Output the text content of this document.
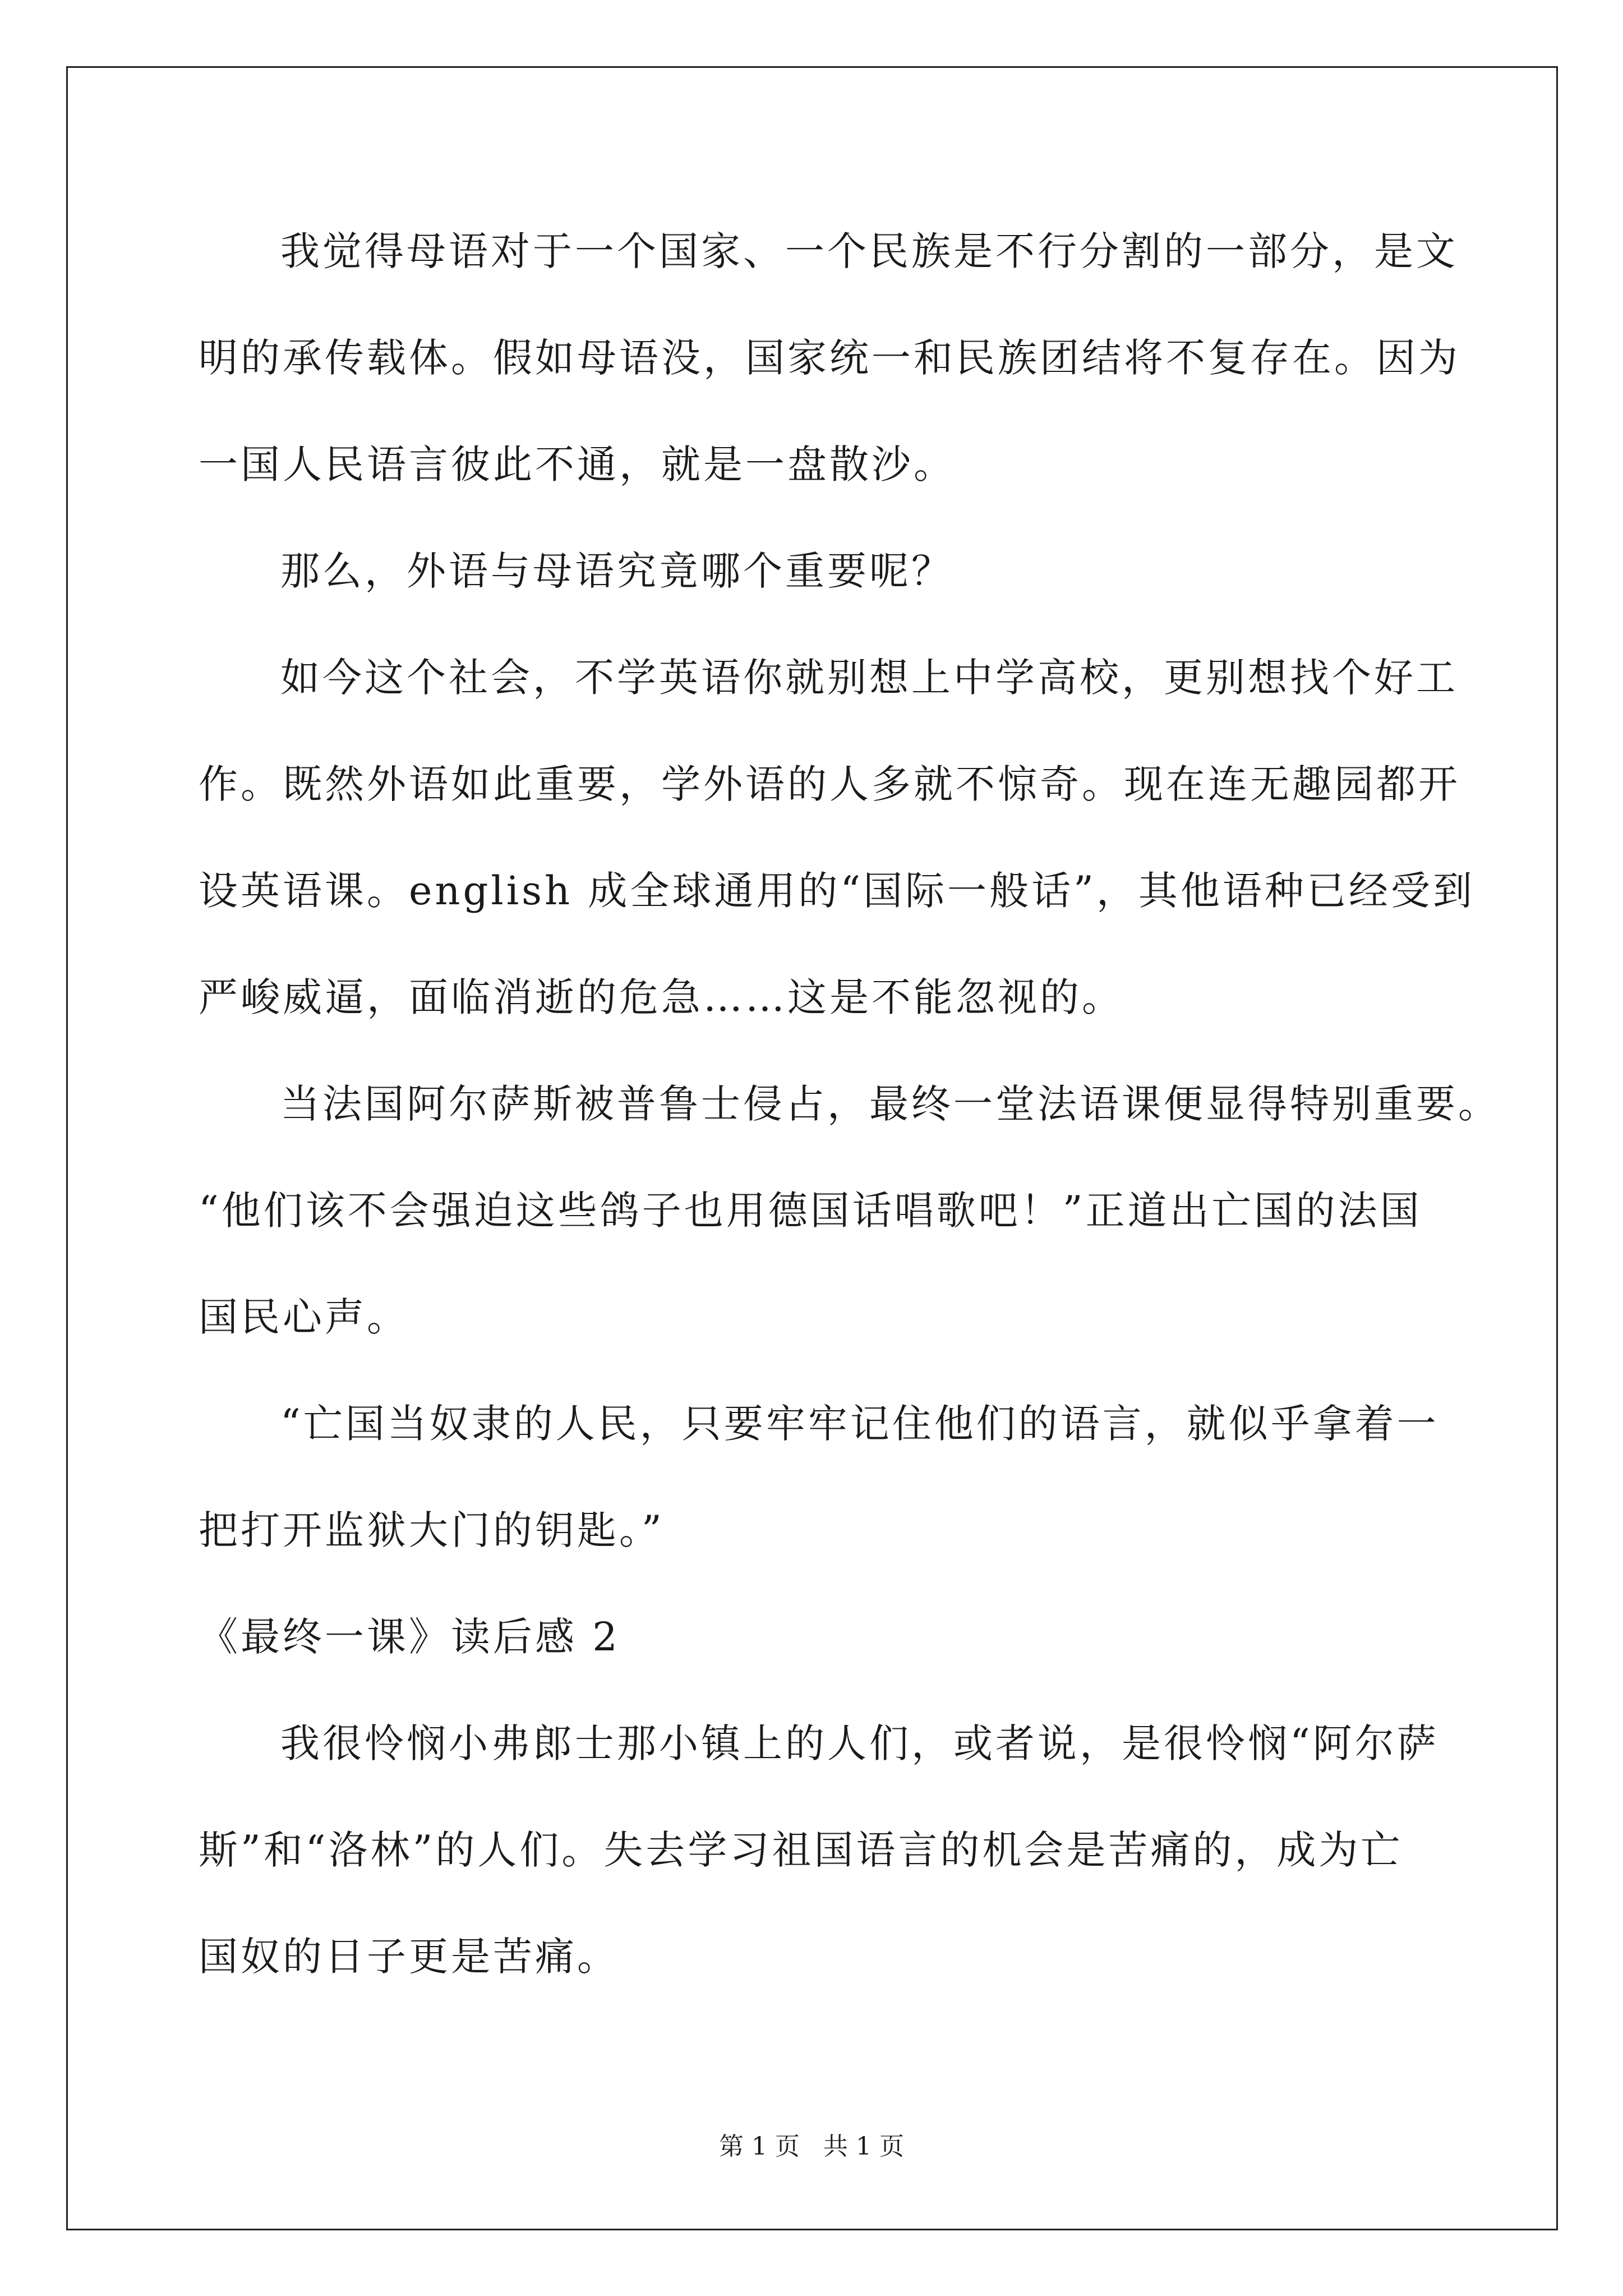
我觉得母语对于一个国家、一个民族是不行分割的一部分，是文
明的承传载体。假如母语没，国家统一和民族团结将不复存在。因为
一国人民语言彼此不通，就是一盘散沙。
那么，外语与母语究竟哪个重要呢？
如今这个社会，不学英语你就别想上中学高校，更别想找个好工
作。既然外语如此重要，学外语的人多就不惊奇。现在连无趣园都开
设英语课。english 成全球通用的“国际一般话”，其他语种已经受到
严峻威逼，面临消逝的危急……这是不能忽视的。
当法国阿尔萨斯被普鲁士侵占，最终一堂法语课便显得特别重要。
“他们该不会强迫这些鸽子也用德国话唱歌吧！”正道出亡国的法国
国民心声。
“亡国当奴隶的人民，只要牢牢记住他们的语言，就似乎拿着一
把打开监狱大门的钥匙。”
《最终一课》读后感 2
我很怜悯小弗郎士那小镇上的人们，或者说，是很怜悯“阿尔萨
斯”和“洛林”的人们。失去学习祖国语言的机会是苦痛的，成为亡
国奴的日子更是苦痛。
第 1 页   共 1 页
